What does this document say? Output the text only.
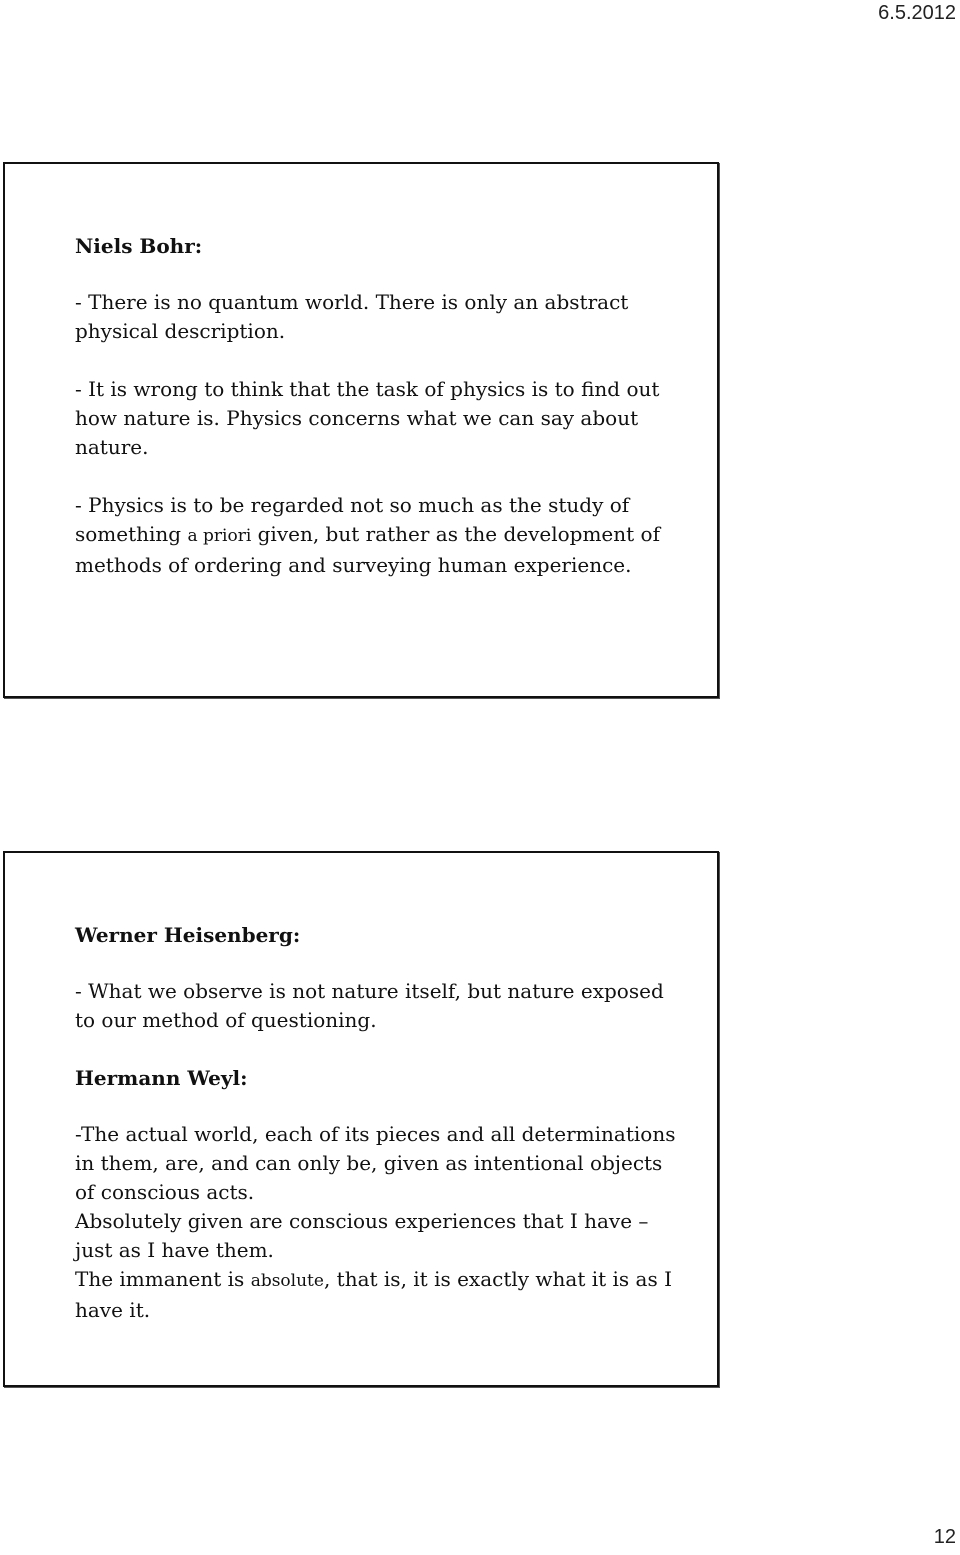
6.5.2012

Niels Bohr:

- There is no quantum world. There is only an abstract physical description.

- It is wrong to think that the task of physics is to find out how nature is. Physics concerns what we can say about nature.

- Physics is to be regarded not so much as the study of something a priori given, but rather as the development of methods of ordering and surveying human experience.

Werner Heisenberg:

- What we observe is not nature itself, but nature exposed to our method of questioning.

Hermann Weyl:

-The actual world, each of its pieces and all determinations in them, are, and can only be, given as intentional objects of conscious acts.

Absolutely given are conscious experiences that I have – just as I have them.

The immanent is absolute, that is, it is exactly what it is as I have it.

12
